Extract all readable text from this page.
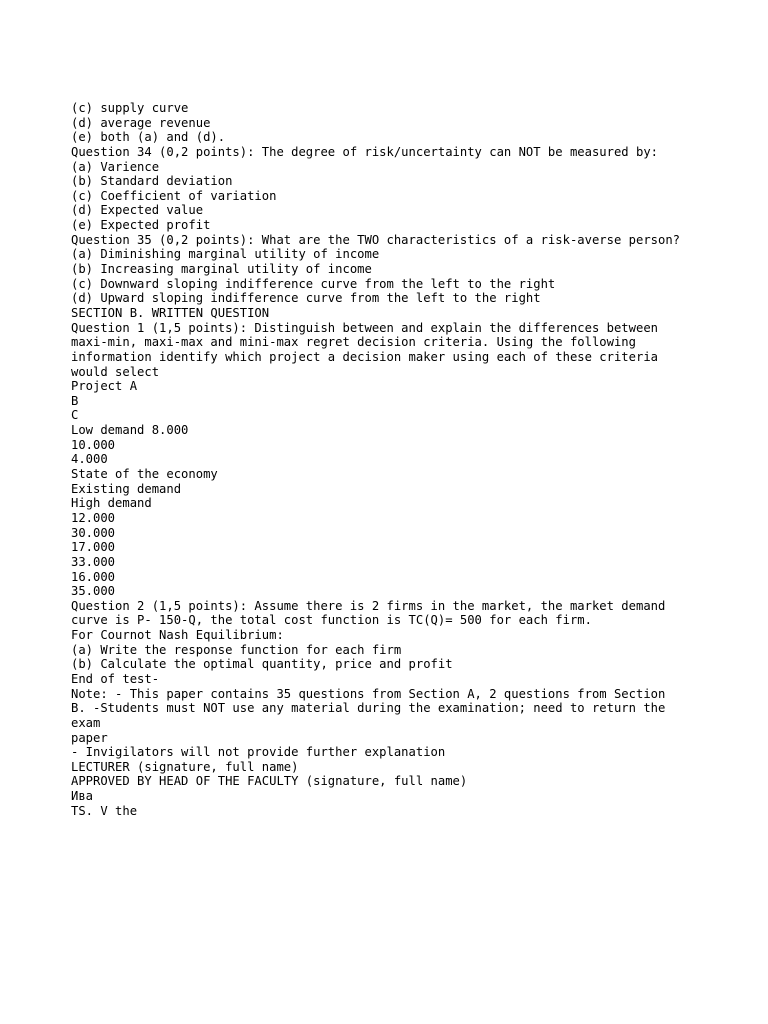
(c) supply curve
(d) average revenue
(e) both (a) and (d).
Question 34 (0,2 points): The degree of risk/uncertainty can NOT be measured by:
(a) Varience
(b) Standard deviation
(c) Coefficient of variation
(d) Expected value
(e) Expected profit
Question 35 (0,2 points): What are the TWO characteristics of a risk-averse person?
(a) Diminishing marginal utility of income
(b) Increasing marginal utility of income
(c) Downward sloping indifference curve from the left to the right
(d) Upward sloping indifference curve from the left to the right
SECTION B. WRITTEN QUESTION
Question 1 (1,5 points): Distinguish between and explain the differences between
maxi-min, maxi-max and mini-max regret decision criteria. Using the following
information identify which project a decision maker using each of these criteria
would select
Project A
B
C
Low demand 8.000
10.000
4.000
State of the economy
Existing demand
High demand
12.000
30.000
17.000
33.000
16.000
35.000
Question 2 (1,5 points): Assume there is 2 firms in the market, the market demand
curve is P- 150-Q, the total cost function is TC(Q)= 500 for each firm.
For Cournot Nash Equilibrium:
(a) Write the response function for each firm
(b) Calculate the optimal quantity, price and profit
End of test-
Note: - This paper contains 35 questions from Section A, 2 questions from Section
B. -Students must NOT use any material during the examination; need to return the
exam
paper
- Invigilators will not provide further explanation
LECTURER (signature, full name)
APPROVED BY HEAD OF THE FACULTY (signature, full name)
Ива
TS. V the
